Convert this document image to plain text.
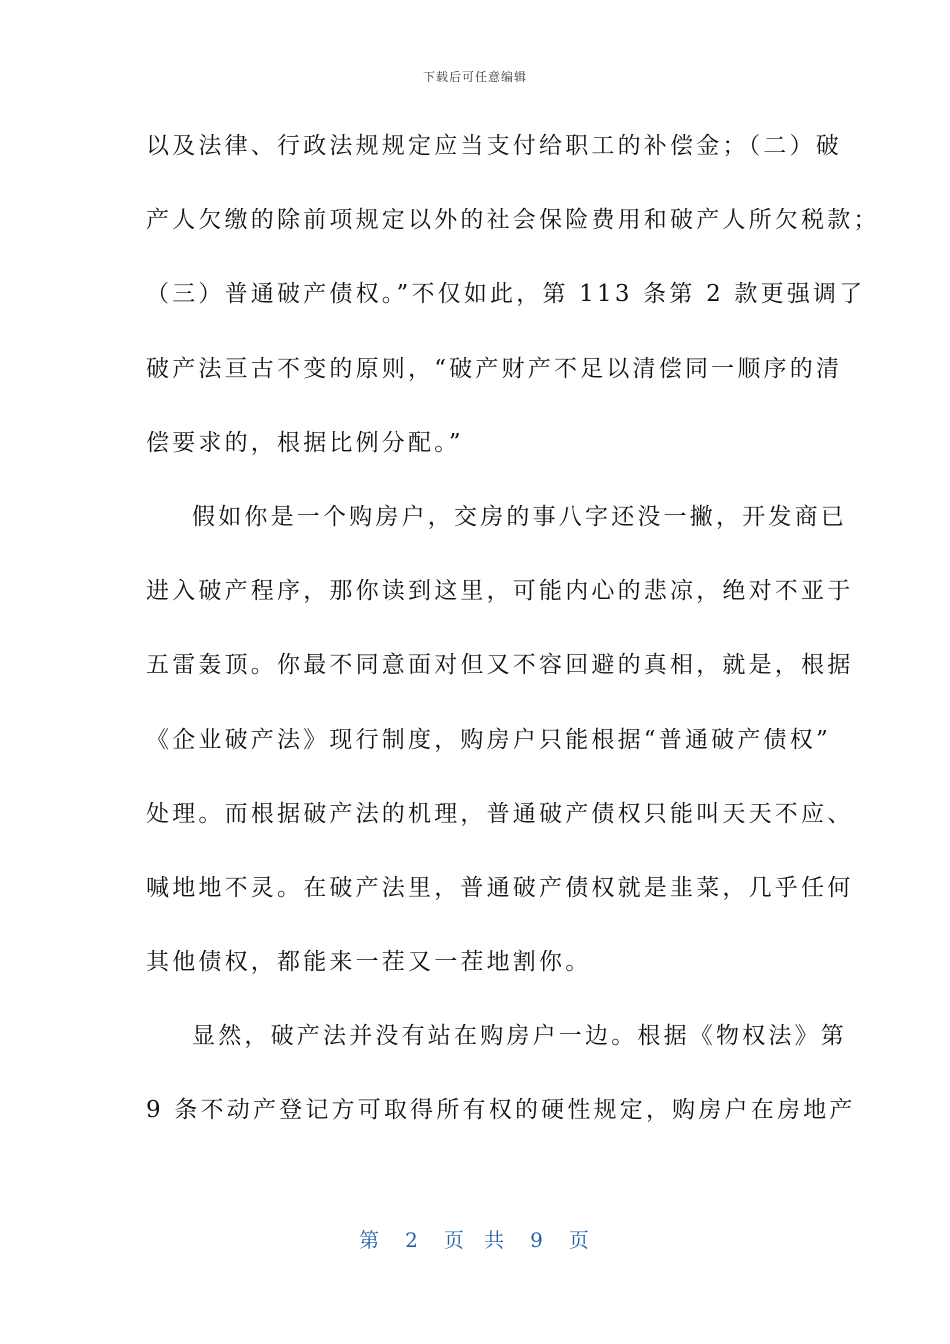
下载后可任意编辑
以及法律、行政法规规定应当支付给职工的补偿金；（二）破
产人欠缴的除前项规定以外的社会保险费用和破产人所欠税款；
（三）普通破产债权。”不仅如此，第 113 条第 2 款更强调了
破产法亘古不变的原则，“破产财产不足以清偿同一顺序的清
偿要求的，根据比例分配。”
假如你是一个购房户，交房的事八字还没一撇，开发商已
进入破产程序，那你读到这里，可能内心的悲凉，绝对不亚于
五雷轰顶。你最不同意面对但又不容回避的真相，就是，根据
《企业破产法》现行制度，购房户只能根据“普通破产债权”
处理。而根据破产法的机理，普通破产债权只能叫天天不应、
喊地地不灵。在破产法里，普通破产债权就是韭菜，几乎任何
其他债权，都能来一茬又一茬地割你。
显然，破产法并没有站在购房户一边。根据《物权法》第
9 条不动产登记方可取得所有权的硬性规定，购房户在房地产
第 2 页 共 9 页
